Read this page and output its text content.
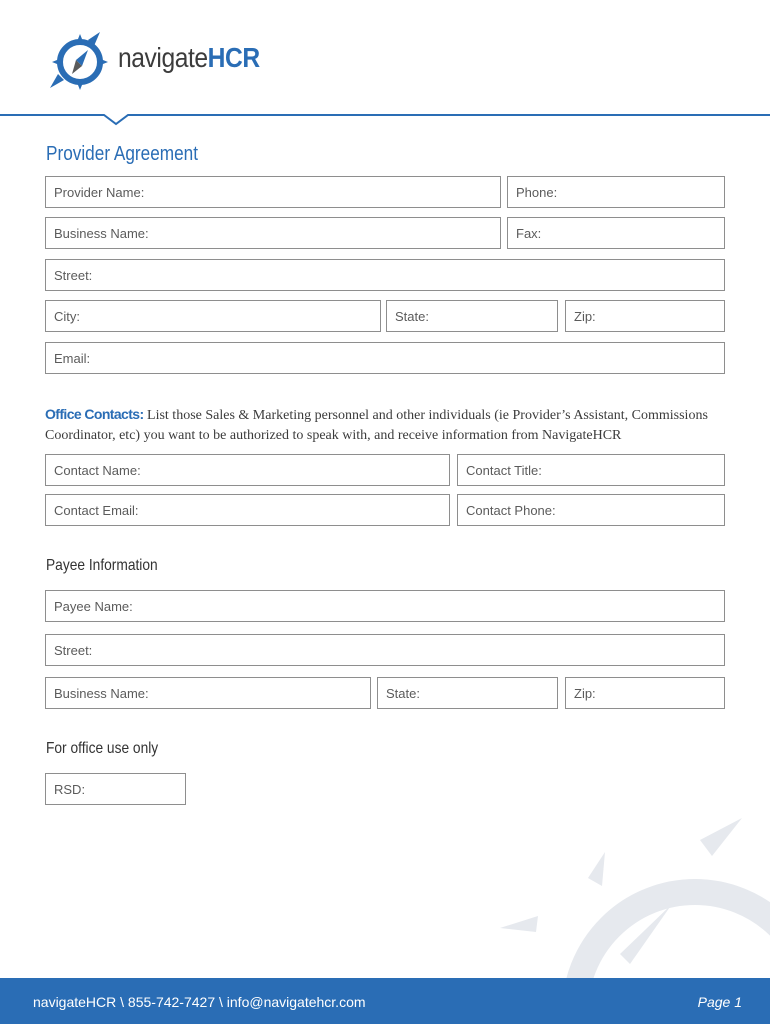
navigateHCR
Provider Agreement
Provider Name:	Phone:
Business Name:	Fax:
Street:
City:	State:	Zip:
Email:
Office Contacts: List those Sales & Marketing personnel and other individuals (ie Provider’s Assistant, Commissions Coordinator, etc) you want to be authorized to speak with, and receive information from NavigateHCR
Contact Name:	Contact Title:
Contact Email:	Contact Phone:
Payee Information
Payee Name:
Street:
Business Name:	State:	Zip:
For office use only
RSD:
navigateHCR \ 855-742-7427 \ info@navigatehcr.com	Page 1
